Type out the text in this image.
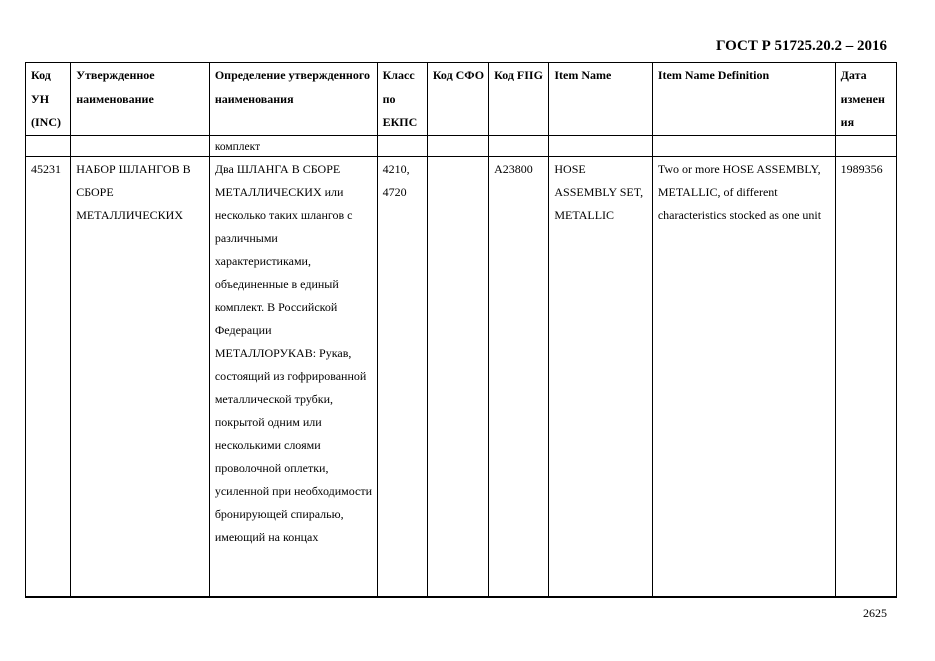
ГОСТ Р 51725.20.2 – 2016
Код УН (INC)	Утвержденное наименование	Определение утвержденного наименования	Класс по ЕКПС	Код СФО	Код FIIG	Item Name	Item Name Definition	Дата изменен ия
		комплект						
45231	НАБОР ШЛАНГОВ В СБОРЕ МЕТАЛЛИЧЕСКИХ	Два ШЛАНГА В СБОРЕ МЕТАЛЛИЧЕСКИХ или несколько таких шлангов с различными характеристиками, объединенные в единый комплект. В Российской Федерации МЕТАЛЛОРУКАВ: Рукав, состоящий из гофрированной металлической трубки, покрытой одним или несколькими слоями проволочной оплетки, усиленной при необходимости бронирующей спиралью, имеющий на концах	4210, 4720		A23800	HOSE ASSEMBLY SET, METALLIC	Two or more HOSE ASSEMBLY, METALLIC, of different characteristics stocked as one unit	1989356
2625
